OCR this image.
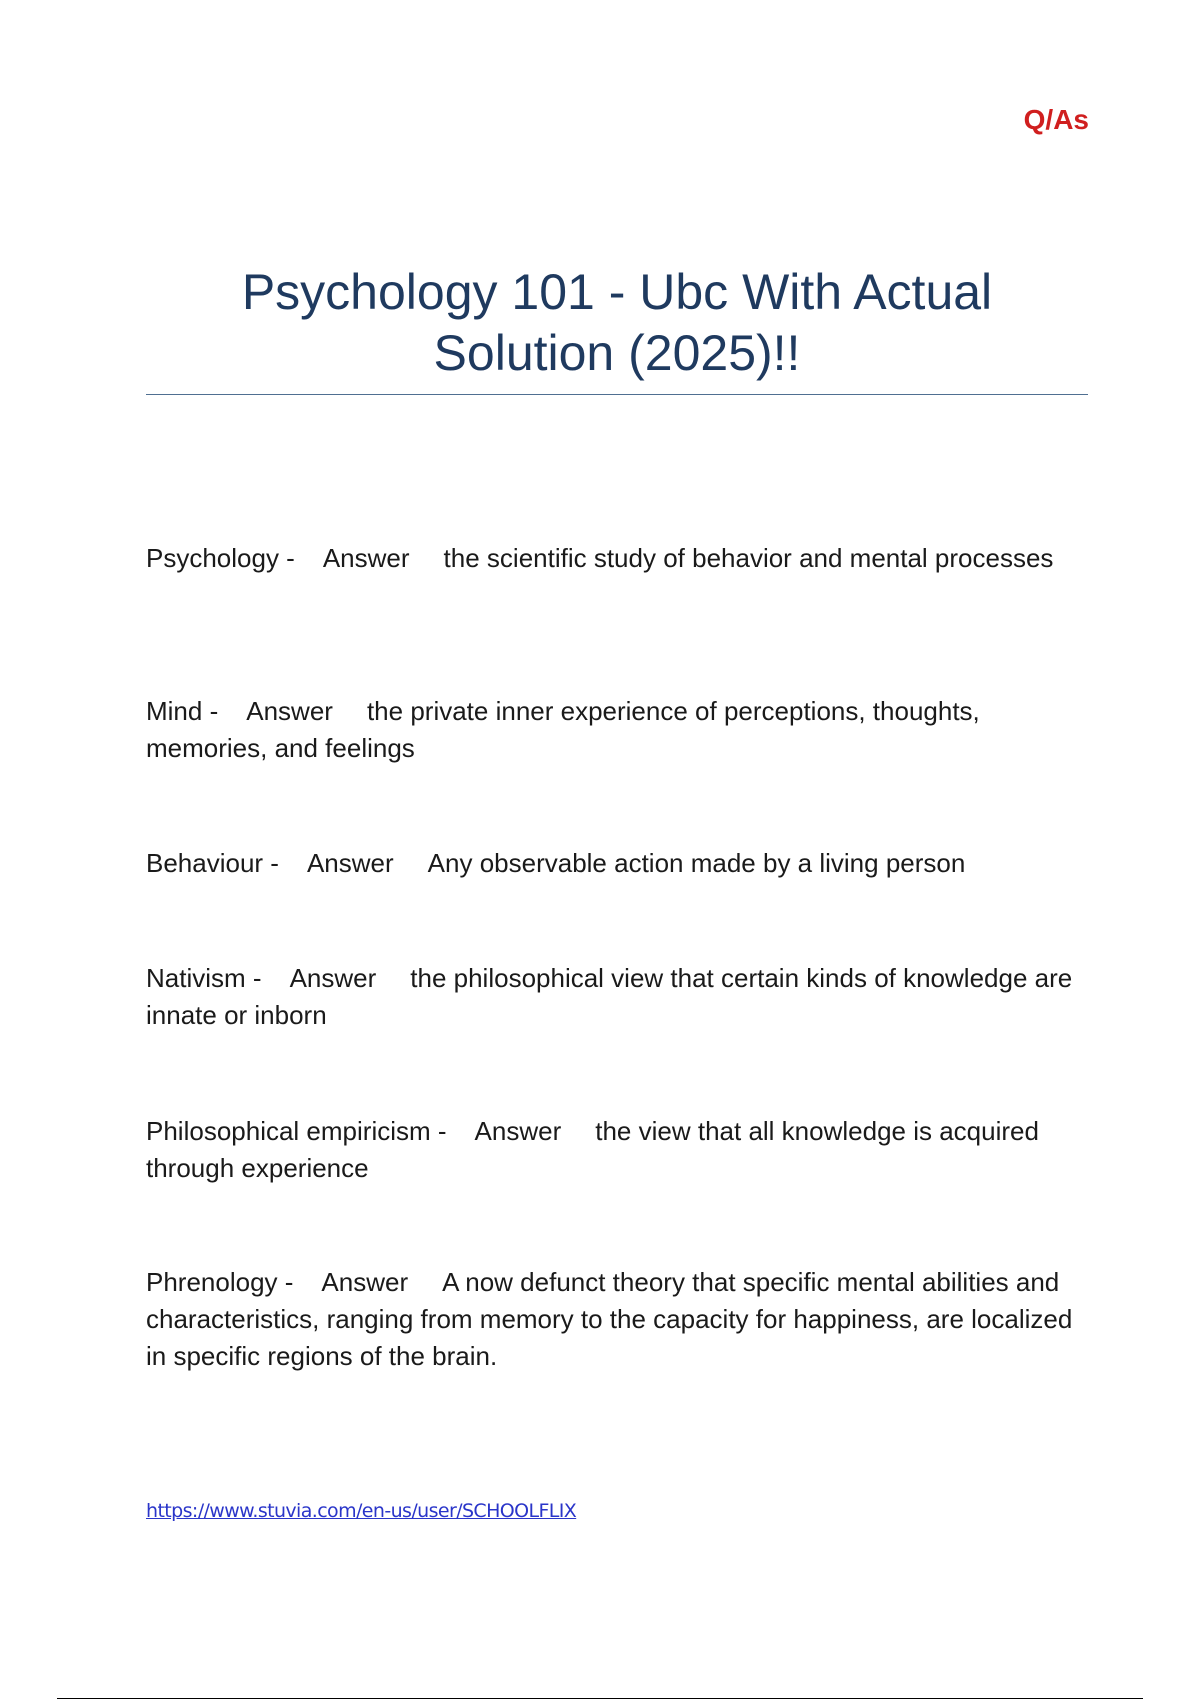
Q/As

Psychology 101 - Ubc With Actual
Solution (2025)!!

Psychology - Answer the scientific study of behavior and mental processes

Mind - Answer the private inner experience of perceptions, thoughts, memories, and feelings

Behaviour - Answer Any observable action made by a living person

Nativism - Answer the philosophical view that certain kinds of knowledge are innate or inborn

Philosophical empiricism - Answer the view that all knowledge is acquired through experience

Phrenology - Answer A now defunct theory that specific mental abilities and characteristics, ranging from memory to the capacity for happiness, are localized in specific regions of the brain.

https://www.stuvia.com/en-us/user/SCHOOLFLIX
